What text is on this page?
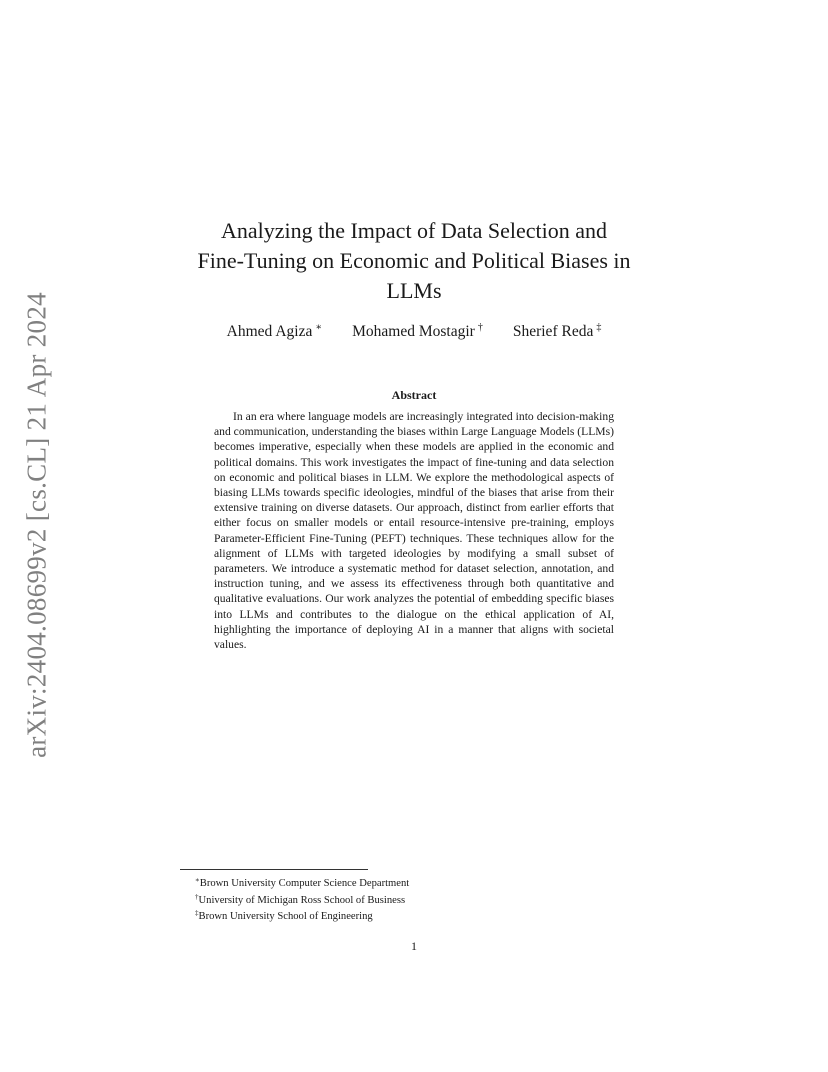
arXiv:2404.08699v2 [cs.CL] 21 Apr 2024
Analyzing the Impact of Data Selection and
Fine-Tuning on Economic and Political Biases in
LLMs
Ahmed Agiza ∗ Mohamed Mostagir † Sherief Reda ‡
Abstract

In an era where language models are increasingly integrated into decision-making and communication, understanding the biases within Large Language Models (LLMs) becomes imperative, especially when these models are applied in the economic and political domains. This work investigates the impact of fine-tuning and data selection on economic and political biases in LLM. We explore the methodological aspects of biasing LLMs towards specific ideologies, mindful of the biases that arise from their extensive training on diverse datasets. Our approach, distinct from earlier efforts that either focus on smaller models or entail resource-intensive pre-training, employs Parameter-Efficient Fine-Tuning (PEFT) techniques. These techniques allow for the alignment of LLMs with targeted ideologies by modifying a small subset of parameters. We introduce a systematic method for dataset selection, annotation, and instruction tuning, and we assess its effectiveness through both quantitative and qualitative evaluations. Our work analyzes the potential of embedding specific biases into LLMs and contributes to the dialogue on the ethical application of AI, highlighting the importance of deploying AI in a manner that aligns with societal values.

∗Brown University Computer Science Department
†University of Michigan Ross School of Business
‡Brown University School of Engineering
1
